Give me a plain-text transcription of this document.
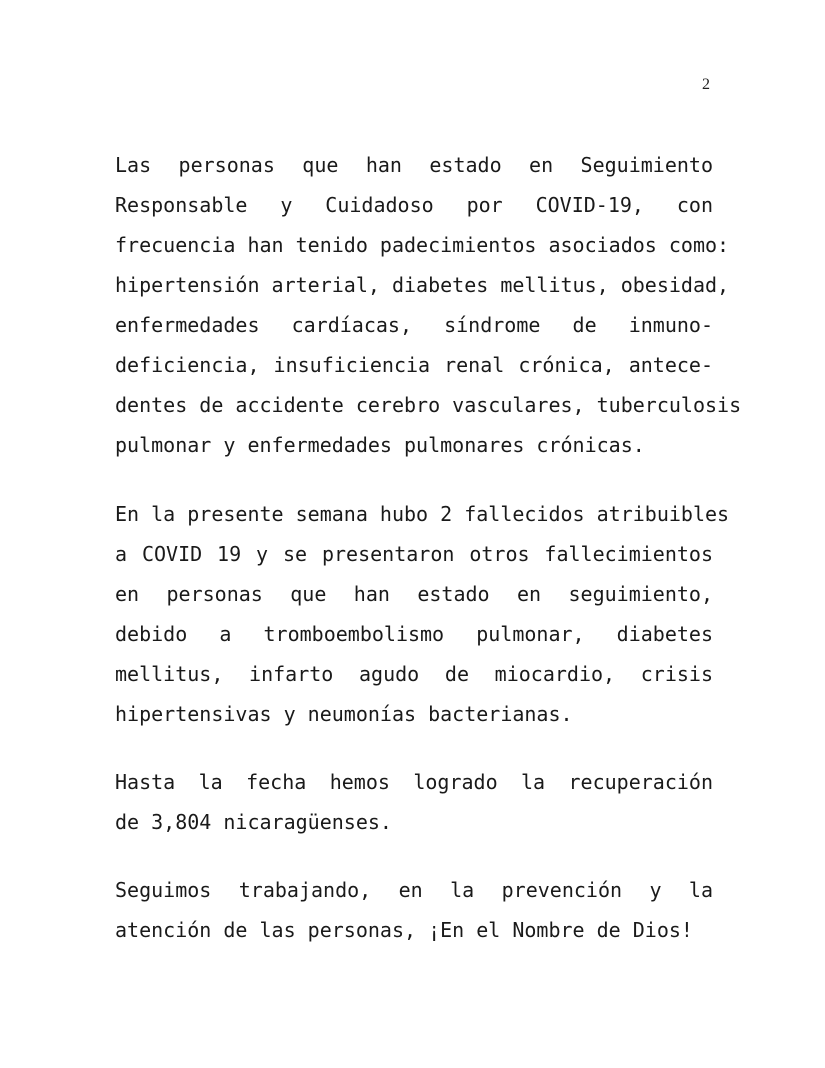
2
Las personas que han estado en Seguimiento
Responsable y Cuidadoso por COVID-19, con
frecuencia han tenido padecimientos asociados como:
hipertensión arterial, diabetes mellitus, obesidad,
enfermedades cardíacas, síndrome de inmuno-
deficiencia, insuficiencia renal crónica, antece-
dentes de accidente cerebro vasculares, tuberculosis
pulmonar y enfermedades pulmonares crónicas.
En la presente semana hubo 2 fallecidos atribuibles
a COVID 19 y se presentaron otros fallecimientos
en personas que han estado en seguimiento,
debido a tromboembolismo pulmonar, diabetes
mellitus, infarto agudo de miocardio, crisis
hipertensivas y neumonías bacterianas.
Hasta la fecha hemos logrado la recuperación
de 3,804 nicaragüenses.
Seguimos trabajando, en la prevención y la
atención de las personas, ¡En el Nombre de Dios!
